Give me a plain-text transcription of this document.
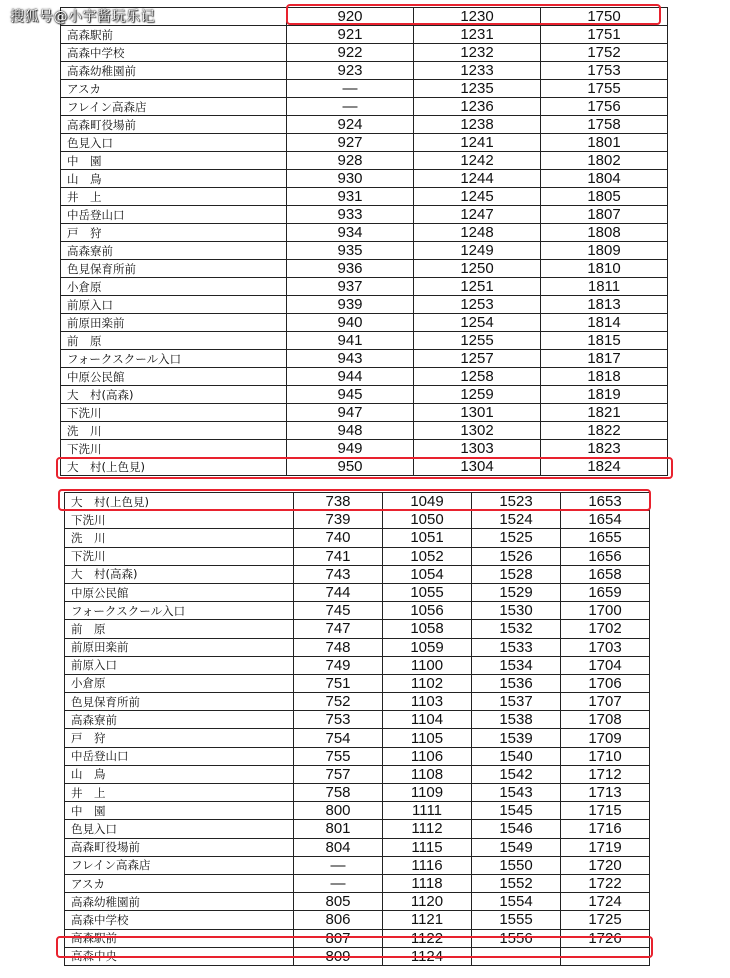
搜狐号@小宇酱玩乐记
		920	1230	1750
高森駅前	921	1231	1751
高森中学校	922	1232	1752
高森幼稚園前	923	1233	1753
アスカ	—	1235	1755
フレイン高森店	—	1236	1756
高森町役場前	924	1238	1758
色見入口	927	1241	1801
中　園	928	1242	1802
山　鳥	930	1244	1804
井　上	931	1245	1805
中岳登山口	933	1247	1807
戸　狩	934	1248	1808
高森寮前	935	1249	1809
色見保育所前	936	1250	1810
小倉原	937	1251	1811
前原入口	939	1253	1813
前原田楽前	940	1254	1814
前　原	941	1255	1815
フォークスクール入口	943	1257	1817
中原公民館	944	1258	1818
大　村(高森)	945	1259	1819
下洗川	947	1301	1821
洗　川	948	1302	1822
下洗川	949	1303	1823
大　村(上色見)	950	1304	1824
大　村(上色見)	738	1049	1523	1653
下洗川	739	1050	1524	1654
洗　川	740	1051	1525	1655
下洗川	741	1052	1526	1656
大　村(高森)	743	1054	1528	1658
中原公民館	744	1055	1529	1659
フォークスクール入口	745	1056	1530	1700
前　原	747	1058	1532	1702
前原田楽前	748	1059	1533	1703
前原入口	749	1100	1534	1704
小倉原	751	1102	1536	1706
色見保育所前	752	1103	1537	1707
高森寮前	753	1104	1538	1708
戸　狩	754	1105	1539	1709
中岳登山口	755	1106	1540	1710
山　鳥	757	1108	1542	1712
井　上	758	1109	1543	1713
中　園	800	1111	1545	1715
色見入口	801	1112	1546	1716
高森町役場前	804	1115	1549	1719
フレイン高森店	—	1116	1550	1720
アスカ	—	1118	1552	1722
高森幼稚園前	805	1120	1554	1724
高森中学校	806	1121	1555	1725
高森駅前	807	1122	1556	1726
高森中央	809	1124	—	—
